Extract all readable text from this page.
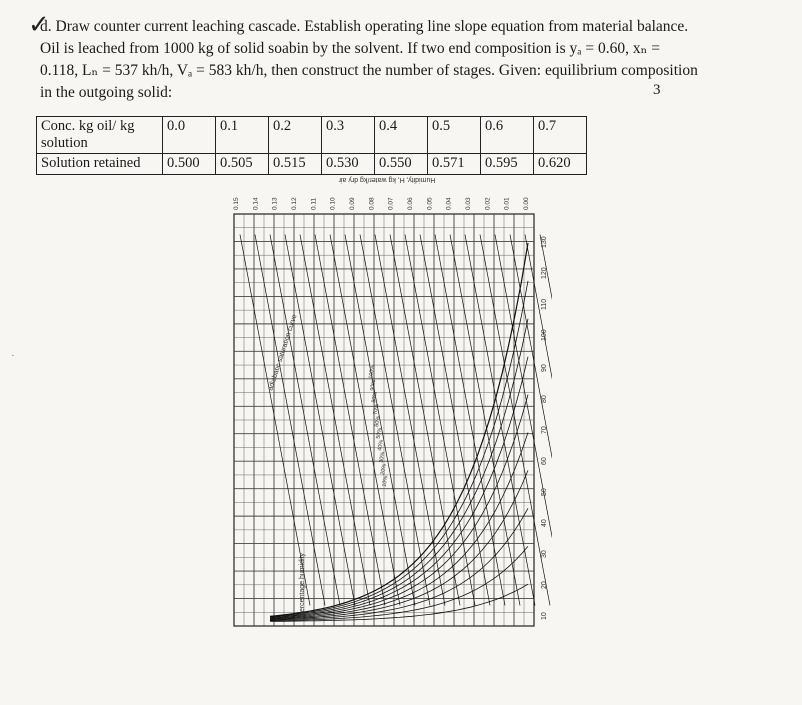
✓

d. Draw counter current leaching cascade. Establish operating line slope equation from material balance.

Oil is leached from 1000 kg of solid soabin by the solvent. If two end composition is yₐ = 0.60, xₙ =

0.118, Lₙ = 537 kh/h, Vₐ = 583 kh/h, then construct the number of stages. Given: equilibrium composition

in the outgoing solid:	3
Conc. kg oil/ kg solution	0.0	0.1	0.2	0.3	0.4	0.5	0.6	0.7
Solution retained	0.500	0.505	0.515	0.530	0.550	0.571	0.595	0.620
Humidity, H, kg water/kg dry air
0.15 0.14 0.13 0.12 0.11 0.10 0.09 0.08 0.07 0.06 0.05 0.04 0.03 0.02 0.01 0.00
10
20
30
40
50
60
70
80
90
100
110
120
130
100%
90%
80%
70%
60%
50%
40%
30%
20%
10%
adiabatic saturation curve
percentage humidity
·
